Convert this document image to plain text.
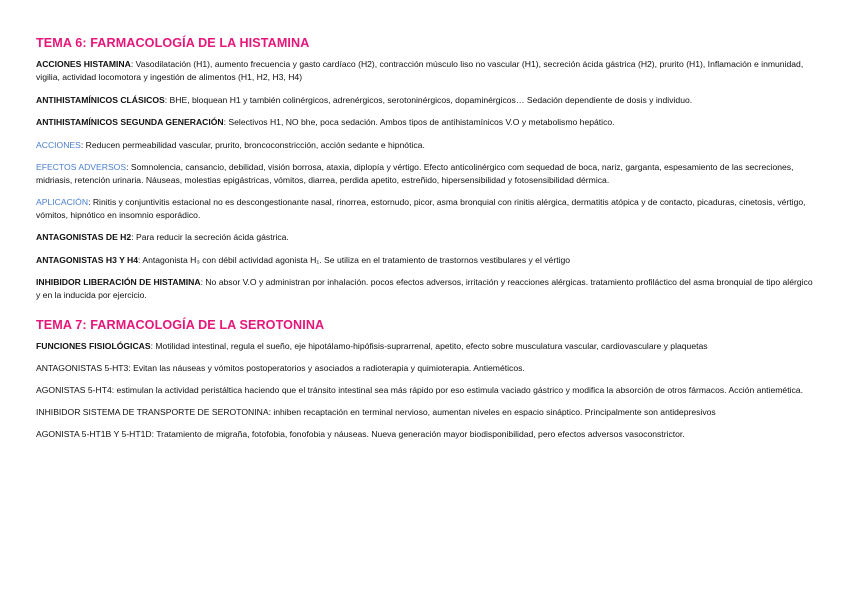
TEMA 6: FARMACOLOGÍA DE LA HISTAMINA

ACCIONES HISTAMINA: Vasodilatación (H1), aumento frecuencia y gasto cardíaco (H2), contracción músculo liso no vascular (H1), secreción ácida gástrica (H2), prurito (H1), Inflamación e inmunidad, vigilia, actividad locomotora y ingestión de alimentos (H1, H2, H3, H4)

ANTIHISTAMÍNICOS CLÁSICOS: BHE, bloquean H1 y también colinérgicos, adrenérgicos, serotoninérgicos, dopaminérgicos… Sedación dependiente de dosis y individuo.

ANTIHISTAMÍNICOS SEGUNDA GENERACIÓN: Selectivos H1, NO bhe, poca sedación. Ambos tipos de antihistamínicos V.O y metabolismo hepático.

ACCIONES: Reducen permeabilidad vascular, prurito, broncoconstricción, acción sedante e hipnótica.

EFECTOS ADVERSOS: Somnolencia, cansancio, debilidad, visión borrosa, ataxia, diplopía y vértigo. Efecto anticolinérgico com sequedad de boca, nariz, garganta, espesamiento de las secreciones, midriasis, retención urinaria. Náuseas, molestias epigástricas, vómitos, diarrea, perdida apetito, estreñido, hipersensibilidad y fotosensibilidad dérmica.

APLICACIÓN: Rinitis y conjuntivitis estacional no es descongestionante nasal, rinorrea, estornudo, picor, asma bronquial con rinitis alérgica, dermatitis atópica y de contacto, picaduras, cinetosis, vértigo, vómitos, hipnótico en insomnio esporádico.

ANTAGONISTAS DE H2: Para reducir la secreción ácida gástrica.

ANTAGONISTAS H3 Y H4: Antagonista H₃ con débil actividad agonista H₁. Se utiliza en el tratamiento de trastornos vestibulares y el vértigo

INHIBIDOR LIBERACIÓN DE HISTAMINA: No absor V.O y administran por inhalación. pocos efectos adversos, irritación y reacciones alérgicas. tratamiento profiláctico del asma bronquial de tipo alérgico y en la inducida por ejercicio.

TEMA 7: FARMACOLOGÍA DE LA SEROTONINA

FUNCIONES FISIOLÓGICAS: Motilidad intestinal, regula el sueño, eje hipotálamo-hipófisis-suprarrenal, apetito, efecto sobre musculatura vascular, cardiovasculare y plaquetas

ANTAGONISTAS 5-HT3: Evitan las náuseas y vómitos postoperatorios y asociados a radioterapia y quimioterapia. Antieméticos.

AGONISTAS 5-HT4: estimulan la actividad peristáltica haciendo que el tránsito intestinal sea más rápido por eso estimula vaciado gástrico y modifica la absorción de otros fármacos. Acción antiemética.

INHIBIDOR SISTEMA DE TRANSPORTE DE SEROTONINA: inhiben recaptación en terminal nervioso, aumentan niveles en espacio sináptico. Principalmente son antidepresivos

AGONISTA 5-HT1B Y 5-HT1D: Tratamiento de migraña, fotofobia, fonofobia y náuseas. Nueva generación mayor biodisponibilidad, pero efectos adversos vasoconstrictor.
